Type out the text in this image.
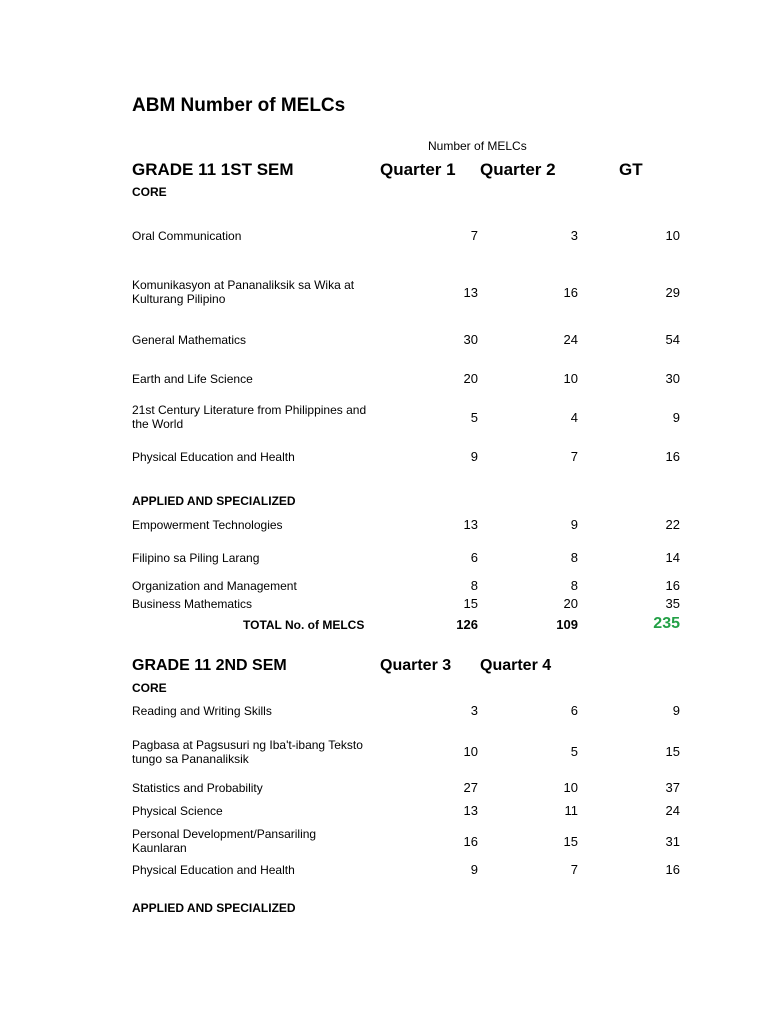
ABM Number of MELCs
Number of MELCs
GRADE 11 1ST SEM	Quarter 1 Quarter 2	GT
CORE
Oral Communication	7	3	10
Komunikasyon at Pananaliksik sa Wika at Kulturang Pilipino	13	16	29
General Mathematics	30	24	54
Earth and Life Science	20	10	30
21st Century Literature from Philippines and the World	5	4	9
Physical Education and Health	9	7	16
APPLIED AND SPECIALIZED
Empowerment Technologies	13	9	22
Filipino sa Piling Larang	6	8	14
Organization and Management	8	8	16
Business Mathematics	15	20	35
TOTAL No. of MELCS	126	109	235
GRADE 11 2ND SEM	Quarter 3 Quarter 4
CORE
Reading and Writing Skills	3	6	9
Pagbasa at Pagsusuri ng Iba't-ibang Teksto tungo sa Pananaliksik	10	5	15
Statistics and Probability	27	10	37
Physical Science	13	11	24
Personal Development/Pansariling Kaunlaran	16	15	31
Physical Education and Health	9	7	16
APPLIED AND SPECIALIZED
